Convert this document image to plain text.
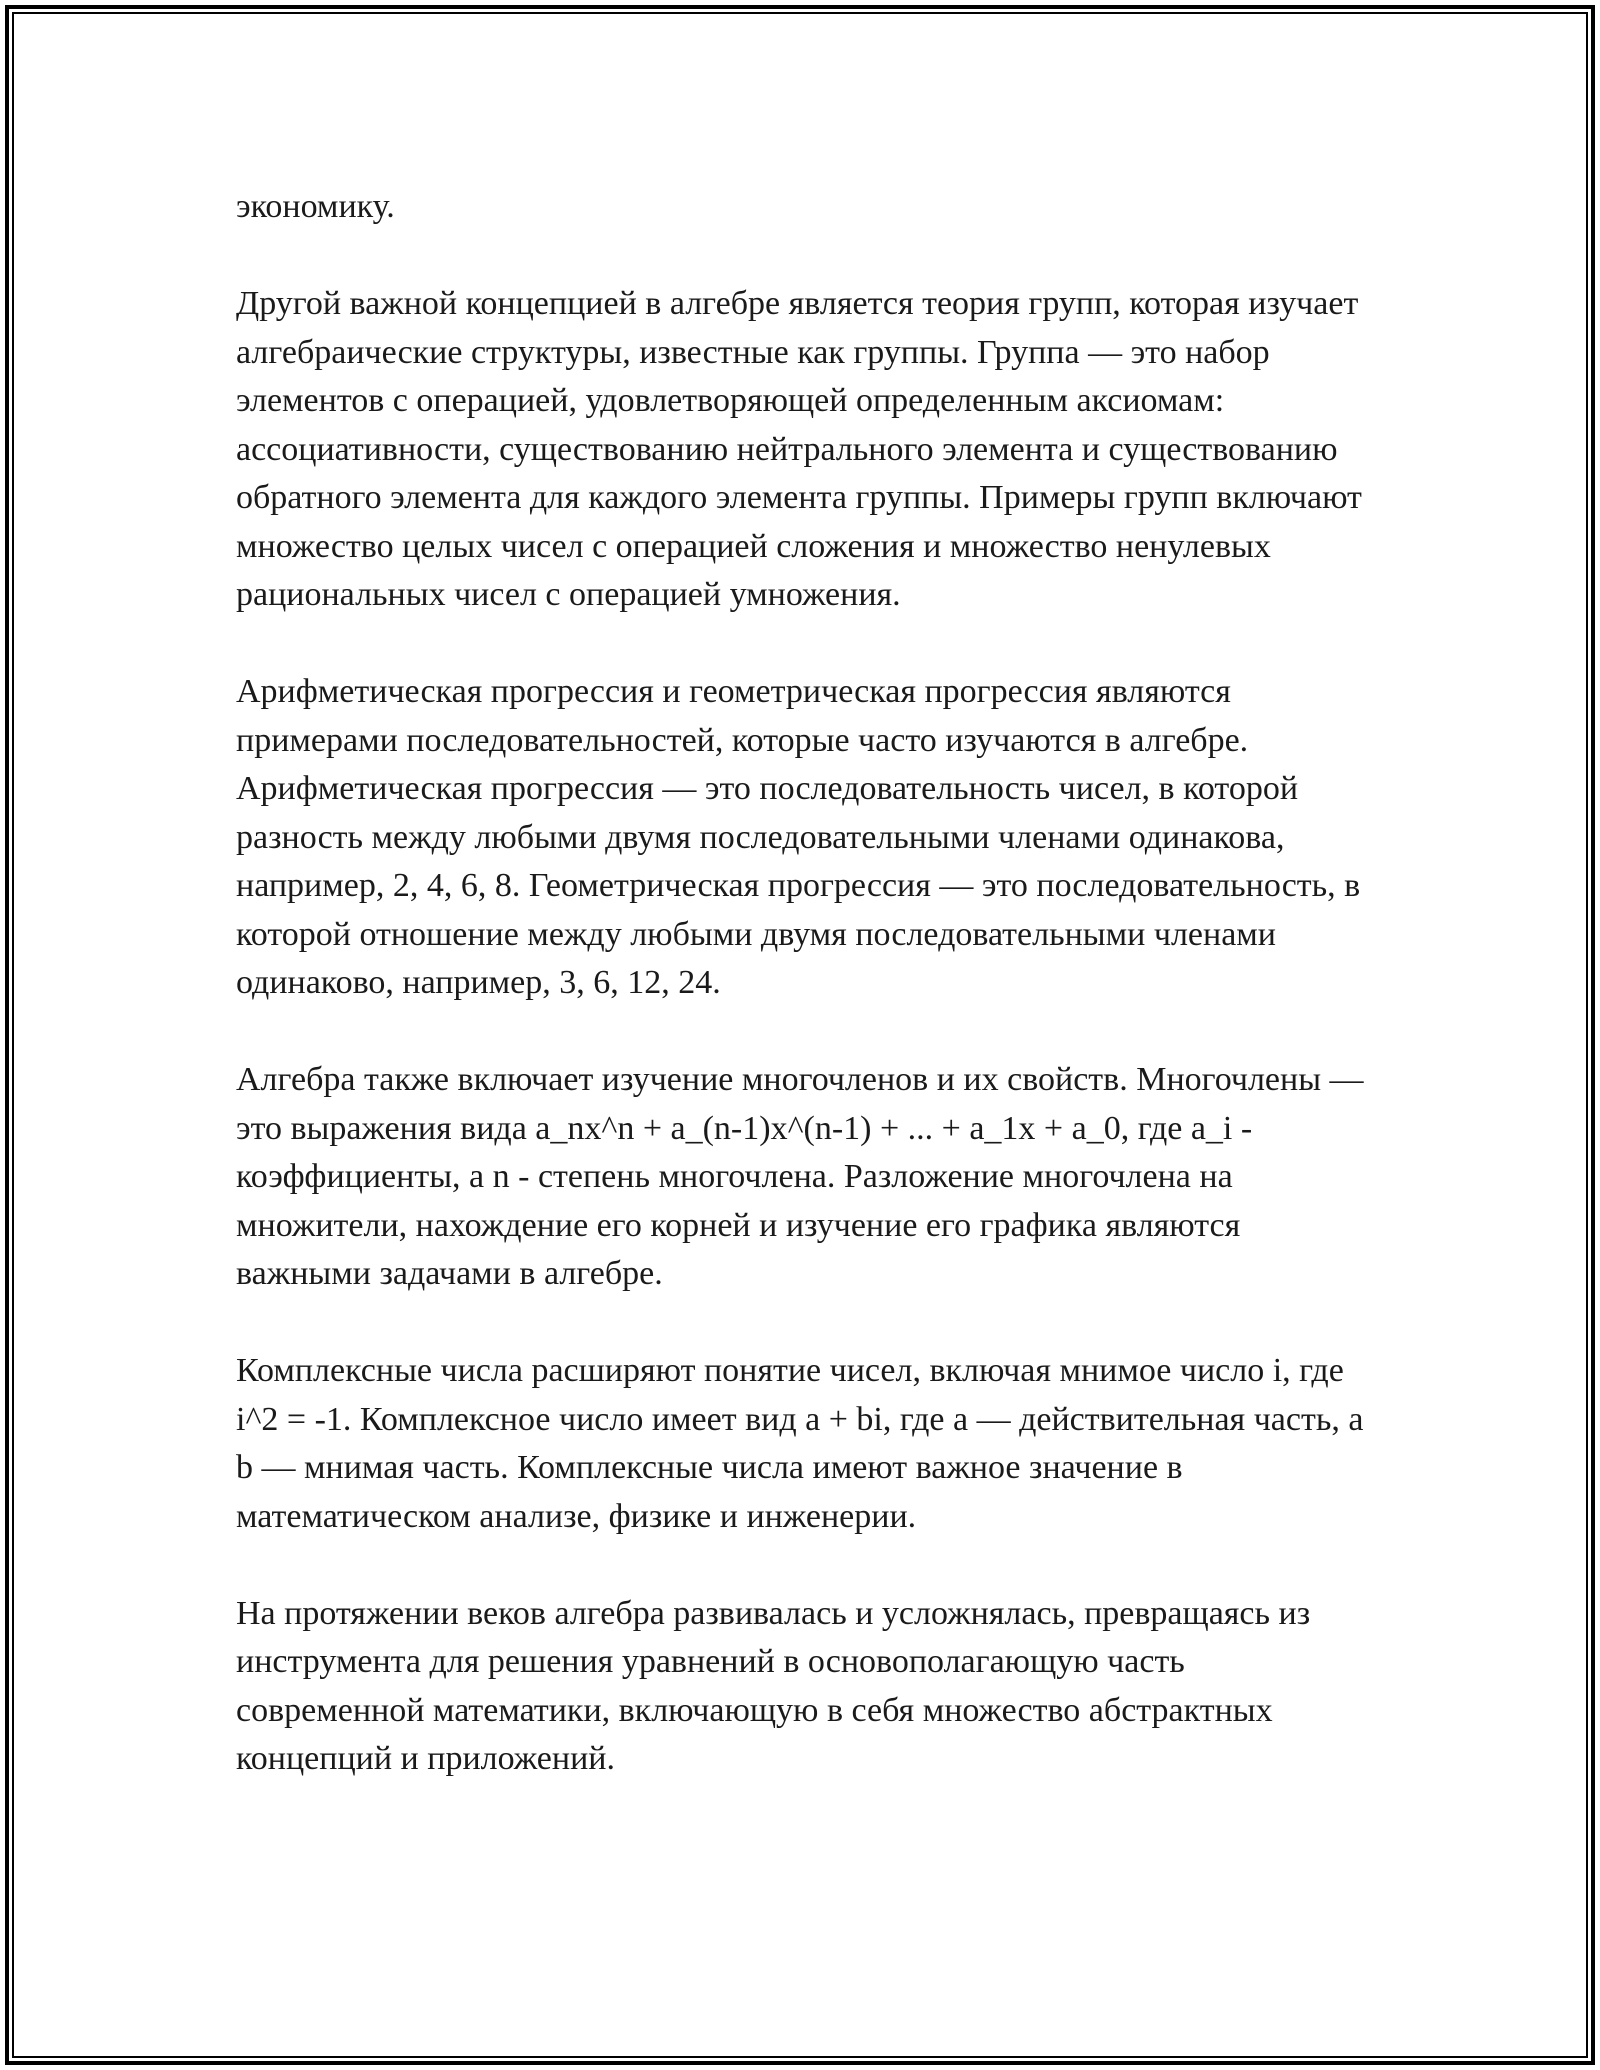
экономику.

Другой важной концепцией в алгебре является теория групп, которая изучает алгебраические структуры, известные как группы. Группа — это набор элементов с операцией, удовлетворяющей определенным аксиомам: ассоциативности, существованию нейтрального элемента и существованию обратного элемента для каждого элемента группы. Примеры групп включают множество целых чисел с операцией сложения и множество ненулевых рациональных чисел с операцией умножения.

Арифметическая прогрессия и геометрическая прогрессия являются примерами последовательностей, которые часто изучаются в алгебре. Арифметическая прогрессия — это последовательность чисел, в которой разность между любыми двумя последовательными членами одинакова, например, 2, 4, 6, 8. Геометрическая прогрессия — это последовательность, в которой отношение между любыми двумя последовательными членами одинаково, например, 3, 6, 12, 24.

Алгебра также включает изучение многочленов и их свойств. Многочлены — это выражения вида a_nx^n + a_(n-1)x^(n-1) + ... + a_1x + a_0, где a_i - коэффициенты, а n - степень многочлена. Разложение многочлена на множители, нахождение его корней и изучение его графика являются важными задачами в алгебре.

Комплексные числа расширяют понятие чисел, включая мнимое число i, где i^2 = -1. Комплексное число имеет вид a + bi, где a — действительная часть, а b — мнимая часть. Комплексные числа имеют важное значение в математическом анализе, физике и инженерии.

На протяжении веков алгебра развивалась и усложнялась, превращаясь из инструмента для решения уравнений в основополагающую часть современной математики, включающую в себя множество абстрактных концепций и приложений.
